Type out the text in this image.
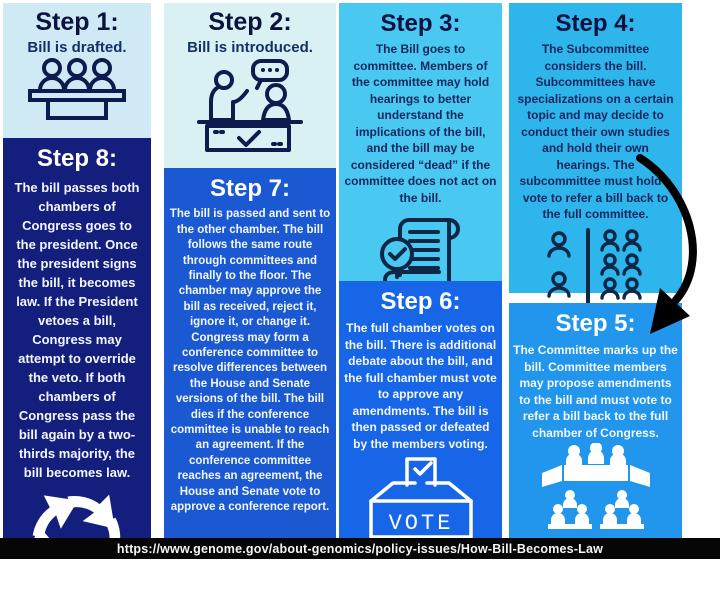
Step 1:
Bill is drafted.
Step 8:
The bill passes both chambers of Congress goes to the president. Once the president signs the bill, it becomes law. If the President vetoes a bill, Congress may attempt to override the veto. If both chambers of Congress pass the bill again by a two-thirds majority, the bill becomes law.
Step 2:
Bill is introduced.
Step 7:
The bill is passed and sent to the other chamber. The bill follows the same route through committees and finally to the floor. The chamber may approve the bill as received, reject it, ignore it, or change it. Congress may form a conference committee to resolve differences between the House and Senate versions of the bill. The bill dies if the conference committee is unable to reach an agreement. If the conference committee reaches an agreement, the House and Senate vote to approve a conference report.
Step 3:
The Bill goes to committee. Members of the committee may hold hearings to better understand the implications of the bill, and the bill may be considered “dead” if the committee does not act on the bill.
Step 6:
The full chamber votes on the bill. There is additional debate about the bill, and the full chamber must vote to approve any amendments. The bill is then passed or defeated by the members voting.
VOTE
Step 4:
The Subcommittee considers the bill. Subcommittees have specializations on a certain topic and may decide to conduct their own studies and hold their own hearings. The subcommittee must hold a vote to refer a bill back to the full committee.
Step 5:
The Committee marks up the bill. Committee members may propose amendments to the bill and must vote to refer a bill back to the full chamber of Congress.
https://www.genome.gov/about-genomics/policy-issues/How-Bill-Becomes-Law
